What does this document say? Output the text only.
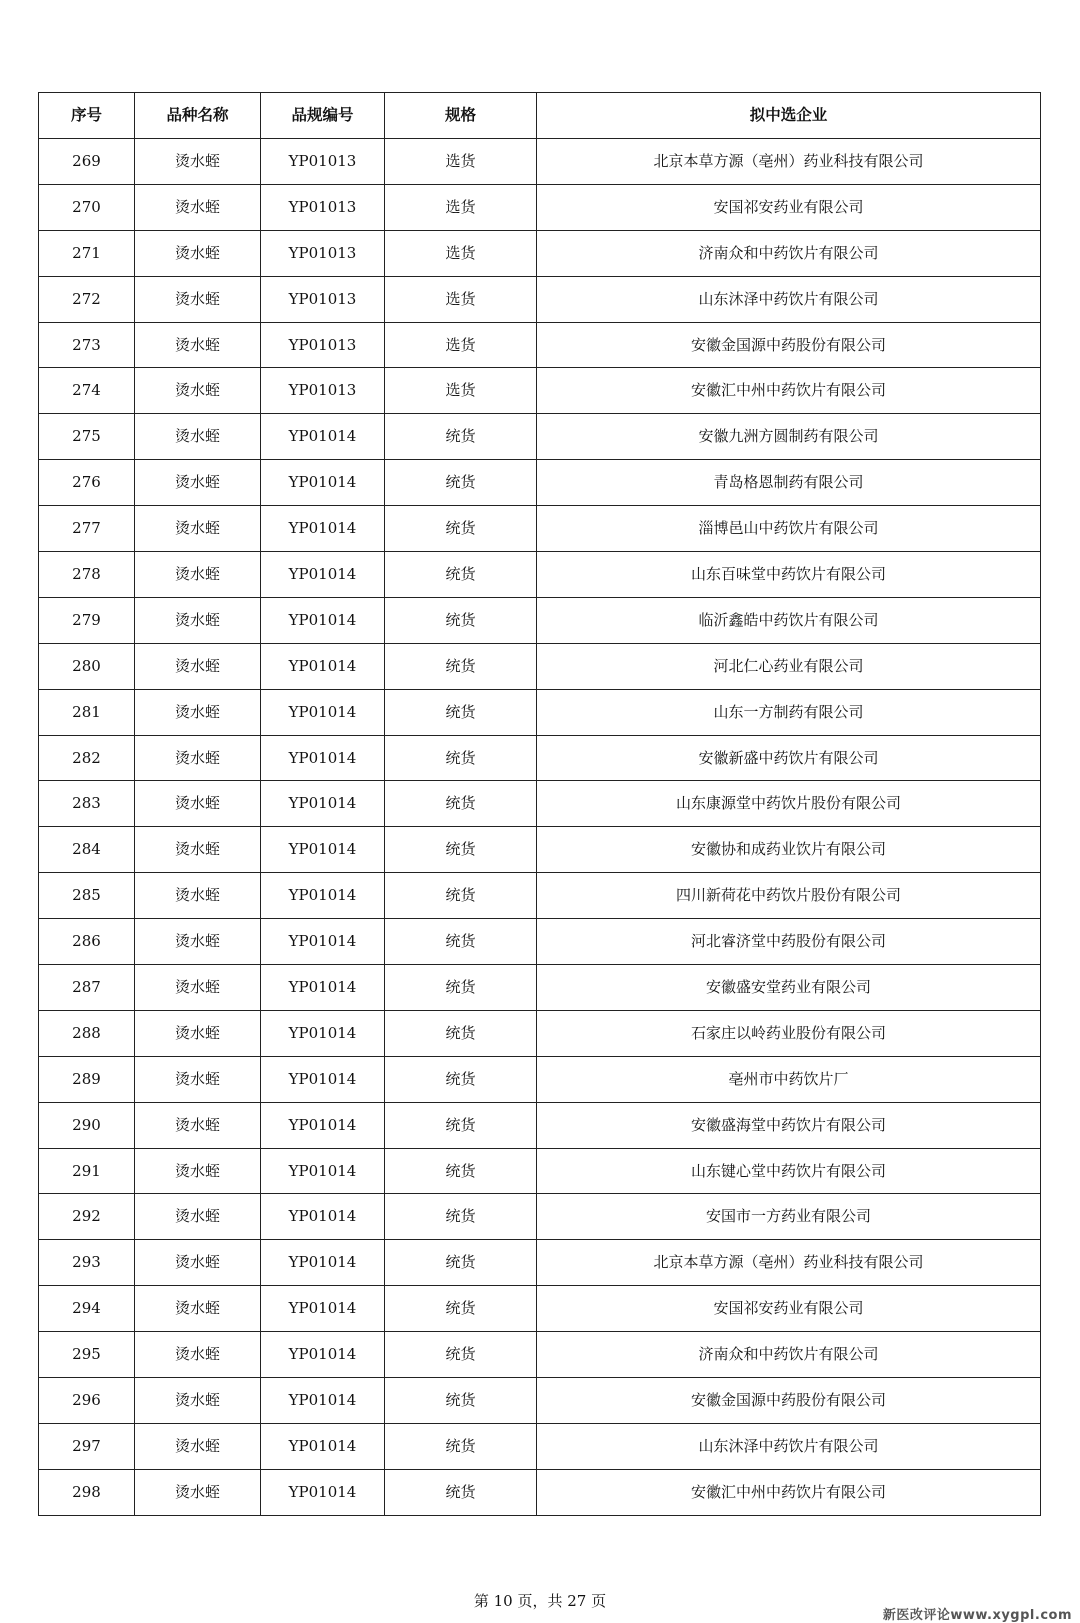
序号	品种名称	品规编号	规格	拟中选企业
269	烫水蛭	YP01013	选货	北京本草方源（亳州）药业科技有限公司
270	烫水蛭	YP01013	选货	安国祁安药业有限公司
271	烫水蛭	YP01013	选货	济南众和中药饮片有限公司
272	烫水蛭	YP01013	选货	山东沐泽中药饮片有限公司
273	烫水蛭	YP01013	选货	安徽金国源中药股份有限公司
274	烫水蛭	YP01013	选货	安徽汇中州中药饮片有限公司
275	烫水蛭	YP01014	统货	安徽九洲方圆制药有限公司
276	烫水蛭	YP01014	统货	青岛格恩制药有限公司
277	烫水蛭	YP01014	统货	淄博邑山中药饮片有限公司
278	烫水蛭	YP01014	统货	山东百味堂中药饮片有限公司
279	烫水蛭	YP01014	统货	临沂鑫皓中药饮片有限公司
280	烫水蛭	YP01014	统货	河北仁心药业有限公司
281	烫水蛭	YP01014	统货	山东一方制药有限公司
282	烫水蛭	YP01014	统货	安徽新盛中药饮片有限公司
283	烫水蛭	YP01014	统货	山东康源堂中药饮片股份有限公司
284	烫水蛭	YP01014	统货	安徽协和成药业饮片有限公司
285	烫水蛭	YP01014	统货	四川新荷花中药饮片股份有限公司
286	烫水蛭	YP01014	统货	河北睿济堂中药股份有限公司
287	烫水蛭	YP01014	统货	安徽盛安堂药业有限公司
288	烫水蛭	YP01014	统货	石家庄以岭药业股份有限公司
289	烫水蛭	YP01014	统货	亳州市中药饮片厂
290	烫水蛭	YP01014	统货	安徽盛海堂中药饮片有限公司
291	烫水蛭	YP01014	统货	山东键心堂中药饮片有限公司
292	烫水蛭	YP01014	统货	安国市一方药业有限公司
293	烫水蛭	YP01014	统货	北京本草方源（亳州）药业科技有限公司
294	烫水蛭	YP01014	统货	安国祁安药业有限公司
295	烫水蛭	YP01014	统货	济南众和中药饮片有限公司
296	烫水蛭	YP01014	统货	安徽金国源中药股份有限公司
297	烫水蛭	YP01014	统货	山东沐泽中药饮片有限公司
298	烫水蛭	YP01014	统货	安徽汇中州中药饮片有限公司
第 10 页，共 27 页
新医改评论www.xygpl.com
